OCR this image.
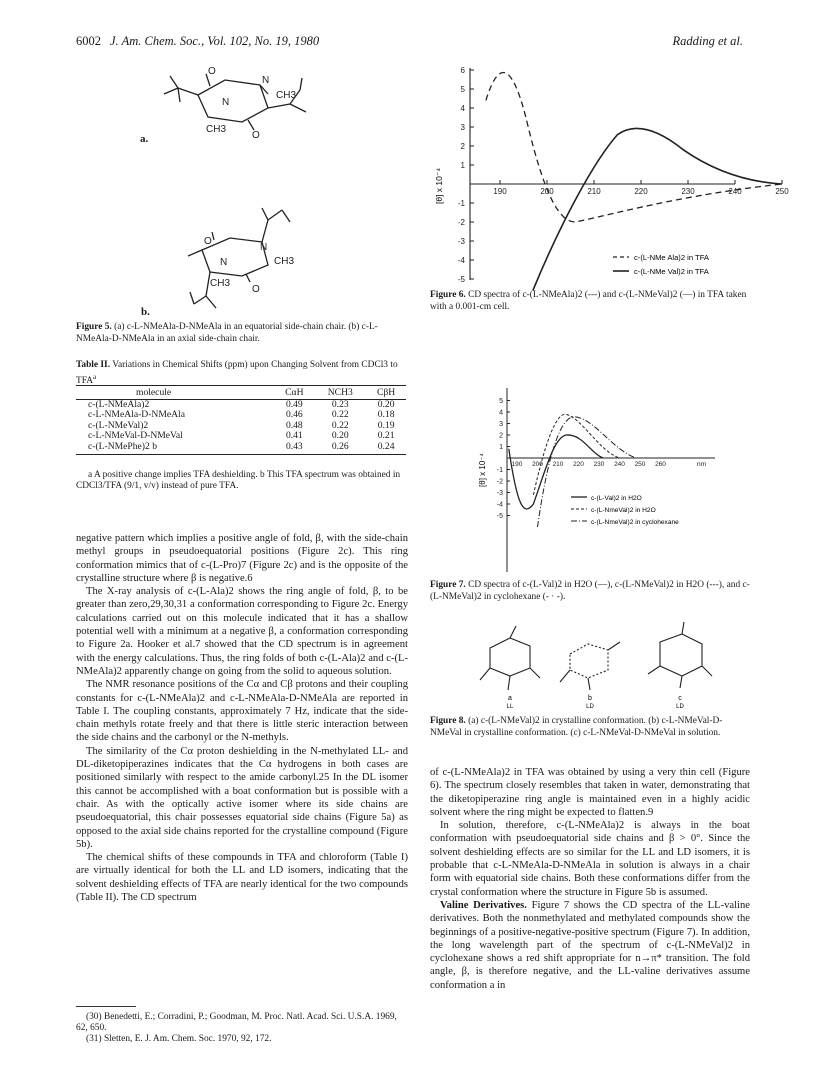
6002 J. Am. Chem. Soc., Vol. 102, No. 19, 1980	Radding et al.
O
N
CH3
N
CH3
O
O
N
CH3
N
CH3
O
a.
b.
Figure 5. (a) c-L-NMeAla-D-NMeAla in an equatorial side-chain chair. (b) c-L-NMeAla-D-NMeAla in an axial side-chain chair.
Table II. Variations in Chemical Shifts (ppm) upon Changing Solvent from CDCl3 to TFA$^a$
molecule	CαH	NCH3	CβH
c-(L-NMeAla)2	0.49	0.23	0.20
c-L-NMeAla-D-NMeAla	0.46	0.22	0.18
c-(L-NMeVal)2	0.48	0.22	0.19
c-L-NMeVal-D-NMeVal	0.41	0.20	0.21
c-(L-NMePhe)2 b	0.43	0.26	0.24
a A positive change implies TFA deshielding. b This TFA spectrum was obtained in CDCl3/TFA (9/1, v/v) instead of pure TFA.

negative pattern which implies a positive angle of fold, β, with the side-chain methyl groups in pseudoequatorial positions (Figure 2c). This ring conformation mimics that of c-(L-Pro)7 (Figure 2c) and is the opposite of the crystalline structure where β is negative.6

The X-ray analysis of c-(L-Ala)2 shows the ring angle of fold, β, to be greater than zero,29,30,31 a conformation corresponding to Figure 2c. Energy calculations carried out on this molecule indicated that it has a shallow potential well with a minimum at a negative β, a conformation corresponding to Figure 2a. Hooker et al.7 showed that the CD spectrum is in agreement with the energy calculations. Thus, the ring folds of both c-(L-Ala)2 and c-(L-NMeAla)2 apparently change on going from the solid to aqueous solution.

The NMR resonance positions of the Cα and Cβ protons and their coupling constants for c-(L-NMeAla)2 and c-L-NMeAla-D-NMeAla are reported in Table I. The coupling constants, approximately 7 Hz, indicate that the side-chain methyls rotate freely and that there is little steric interaction between the side chains and the carbonyl or the N-methyls.

The similarity of the Cα proton deshielding in the N-methylated LL- and DL-diketopiperazines indicates that the Cα hydrogens in both cases are positioned similarly with respect to the amide carbonyl.25 In the DL isomer this cannot be accomplished with a boat conformation but is possible with a chair. As with the optically active isomer where its side chains are pseudoequatorial, this chair possesses equatorial side chains (Figure 5a) as opposed to the axial side chains reported for the crystalline compound (Figure 5b).

The chemical shifts of these compounds in TFA and chloroform (Table I) are virtually identical for both the LL and LD isomers, indicating that the solvent deshielding effects of TFA are nearly identical for the two compounds (Table II). The CD spectrum

(30) Benedetti, E.; Corradini, P.; Goodman, M. Proc. Natl. Acad. Sci. U.S.A. 1969, 62, 650.
(31) Sletten, E. J. Am. Chem. Soc. 1970, 92, 172.
[θ] x 10⁻⁴
6
5
4
3
2
1
-1
-2
-3
-4
-5
190	200	210	220	230	240	250
c-(L-NMe Ala)2 in TFA
c-(L-NMe Val)2 in TFA
Figure 6. CD spectra of c-(L-NMeAla)2 (---) and c-(L-NMeVal)2 (—) in TFA taken with a 0.001-cm cell.
[θ] x 10⁻⁴
5
4
3
2
1
-1
-2
-3
-4
-5
190 200 210 220 230 240 250 260	nm
c-(L-Val)2 in H2O
c-(L-NmeVal)2 in H2O
c-(L-NmeVal)2 in cyclohexane
Figure 7. CD spectra of c-(L-Val)2 in H2O (—), c-(L-NMeVal)2 in H2O (---), and c-(L-NMeVal)2 in cyclohexane (- · -).
a
LL
b
LD
c
LD
Figure 8. (a) c-(L-NMeVal)2 in crystalline conformation. (b) c-L-NMeVal-D-NMeVal in crystalline conformation. (c) c-L-NMeVal-D-NMeVal in solution.

of c-(L-NMeAla)2 in TFA was obtained by using a very thin cell (Figure 6). The spectrum closely resembles that taken in water, demonstrating that the diketopiperazine ring angle is maintained even in a highly acidic solvent where the ring might be expected to flatten.9

In solution, therefore, c-(L-NMeAla)2 is always in the boat conformation with pseudoequatorial side chains and β > 0°. Since the solvent deshielding effects are so similar for the LL and LD isomers, it is probable that c-L-NMeAla-D-NMeAla in solution is always in a chair form with equatorial side chains. Both these conformations differ from the crystal conformation where the structure in Figure 5b is assumed.

Valine Derivatives. Figure 7 shows the CD spectra of the LL-valine derivatives. Both the nonmethylated and methylated compounds show the beginnings of a positive-negative-positive spectrum (Figure 7). In addition, the long wavelength part of the spectrum of c-(L-NMeVal)2 in cyclohexane shows a red shift appropriate for n→π* transition. The fold angle, β, is therefore negative, and the LL-valine derivatives assume conformation a in
